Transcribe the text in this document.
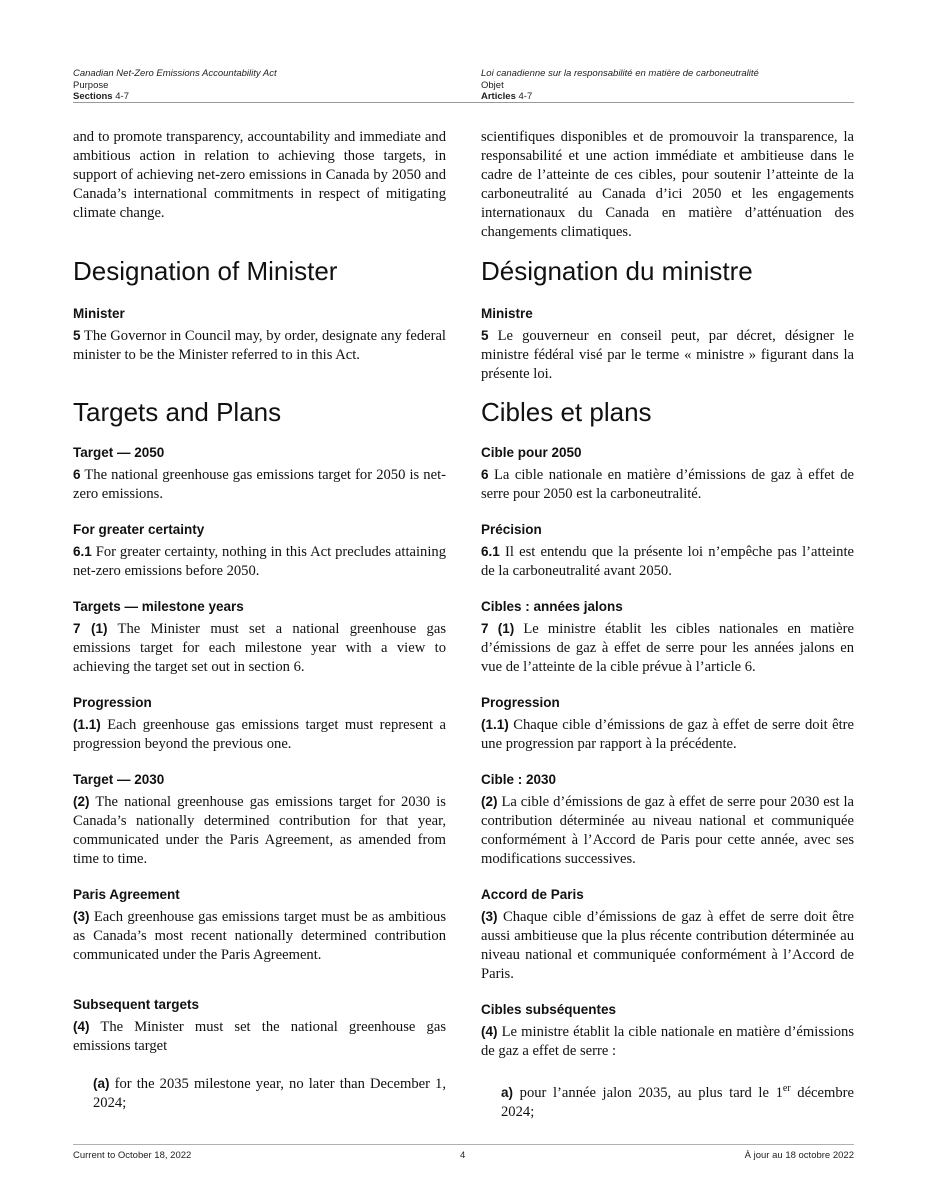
Canadian Net-Zero Emissions Accountability Act
Purpose
Sections 4-7
Loi canadienne sur la responsabilité en matière de carboneutralité
Objet
Articles 4-7

and to promote transparency, accountability and immediate and ambitious action in relation to achieving those targets, in support of achieving net-zero emissions in Canada by 2050 and Canada’s international commitments in respect of mitigating climate change.

Designation of Minister
Minister

5 The Governor in Council may, by order, designate any federal minister to be the Minister referred to in this Act.

Targets and Plans
Target — 2050

6 The national greenhouse gas emissions target for 2050 is net-zero emissions.

For greater certainty

6.1 For greater certainty, nothing in this Act precludes attaining net-zero emissions before 2050.

Targets — milestone years

7 (1) The Minister must set a national greenhouse gas emissions target for each milestone year with a view to achieving the target set out in section 6.

Progression

(1.1) Each greenhouse gas emissions target must represent a progression beyond the previous one.

Target — 2030

(2) The national greenhouse gas emissions target for 2030 is Canada’s nationally determined contribution for that year, communicated under the Paris Agreement, as amended from time to time.

Paris Agreement

(3) Each greenhouse gas emissions target must be as ambitious as Canada’s most recent nationally determined contribution communicated under the Paris Agreement.

Subsequent targets

(4) The Minister must set the national greenhouse gas emissions target

(a) for the 2035 milestone year, no later than December 1, 2024;

scientifiques disponibles et de promouvoir la transparence, la responsabilité et une action immédiate et ambitieuse dans le cadre de l’atteinte de ces cibles, pour soutenir l’atteinte de la carboneutralité au Canada d’ici 2050 et les engagements internationaux du Canada en matière d’atténuation des changements climatiques.

Désignation du ministre
Ministre

5 Le gouverneur en conseil peut, par décret, désigner le ministre fédéral visé par le terme « ministre » figurant dans la présente loi.

Cibles et plans
Cible pour 2050

6 La cible nationale en matière d’émissions de gaz à effet de serre pour 2050 est la carboneutralité.

Précision

6.1 Il est entendu que la présente loi n’empêche pas l’atteinte de la carboneutralité avant 2050.

Cibles : années jalons

7 (1) Le ministre établit les cibles nationales en matière d’émissions de gaz à effet de serre pour les années jalons en vue de l’atteinte de la cible prévue à l’article 6.

Progression

(1.1) Chaque cible d’émissions de gaz à effet de serre doit être une progression par rapport à la précédente.

Cible : 2030

(2) La cible d’émissions de gaz à effet de serre pour 2030 est la contribution déterminée au niveau national et communiquée conformément à l’Accord de Paris pour cette année, avec ses modifications successives.

Accord de Paris

(3) Chaque cible d’émissions de gaz à effet de serre doit être aussi ambitieuse que la plus récente contribution déterminée au niveau national et communiquée conformément à l’Accord de Paris.

Cibles subséquentes

(4) Le ministre établit la cible nationale en matière d’émissions de gaz a effet de serre :

a) pour l’année jalon 2035, au plus tard le 1er décembre 2024;

Current to October 18, 2022	4	À jour au 18 octobre 2022
